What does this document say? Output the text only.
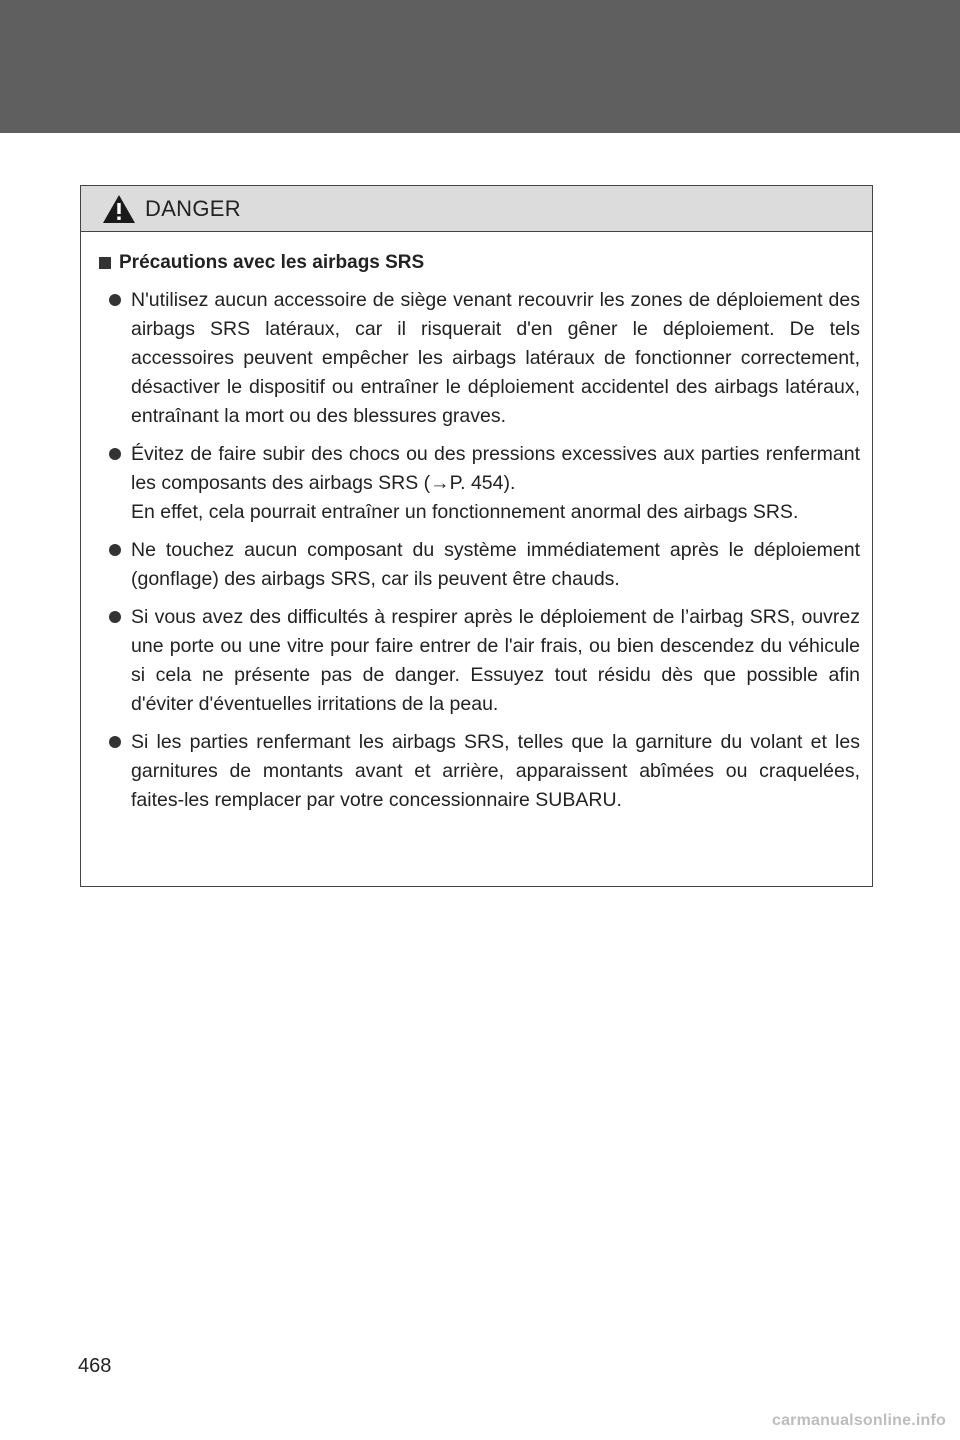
DANGER
Précautions avec les airbags SRS

N'utilisez aucun accessoire de siège venant recouvrir les zones de déploiement des airbags SRS latéraux, car il risquerait d'en gêner le déploiement. De tels accessoires peuvent empêcher les airbags latéraux de fonctionner correctement, désactiver le dispositif ou entraîner le déploiement accidentel des airbags latéraux, entraînant la mort ou des blessures graves.

Évitez de faire subir des chocs ou des pressions excessives aux parties renfermant les composants des airbags SRS (→P. 454).

En effet, cela pourrait entraîner un fonctionnement anormal des airbags SRS.

Ne touchez aucun composant du système immédiatement après le déploiement (gonflage) des airbags SRS, car ils peuvent être chauds.

Si vous avez des difficultés à respirer après le déploiement de l’airbag SRS, ouvrez une porte ou une vitre pour faire entrer de l'air frais, ou bien descendez du véhicule si cela ne présente pas de danger. Essuyez tout résidu dès que possible afin d'éviter d'éventuelles irritations de la peau.

Si les parties renfermant les airbags SRS, telles que la garniture du volant et les garnitures de montants avant et arrière, apparaissent abîmées ou craquelées, faites-les remplacer par votre concessionnaire SUBARU.

468
carmanualsonline.info
